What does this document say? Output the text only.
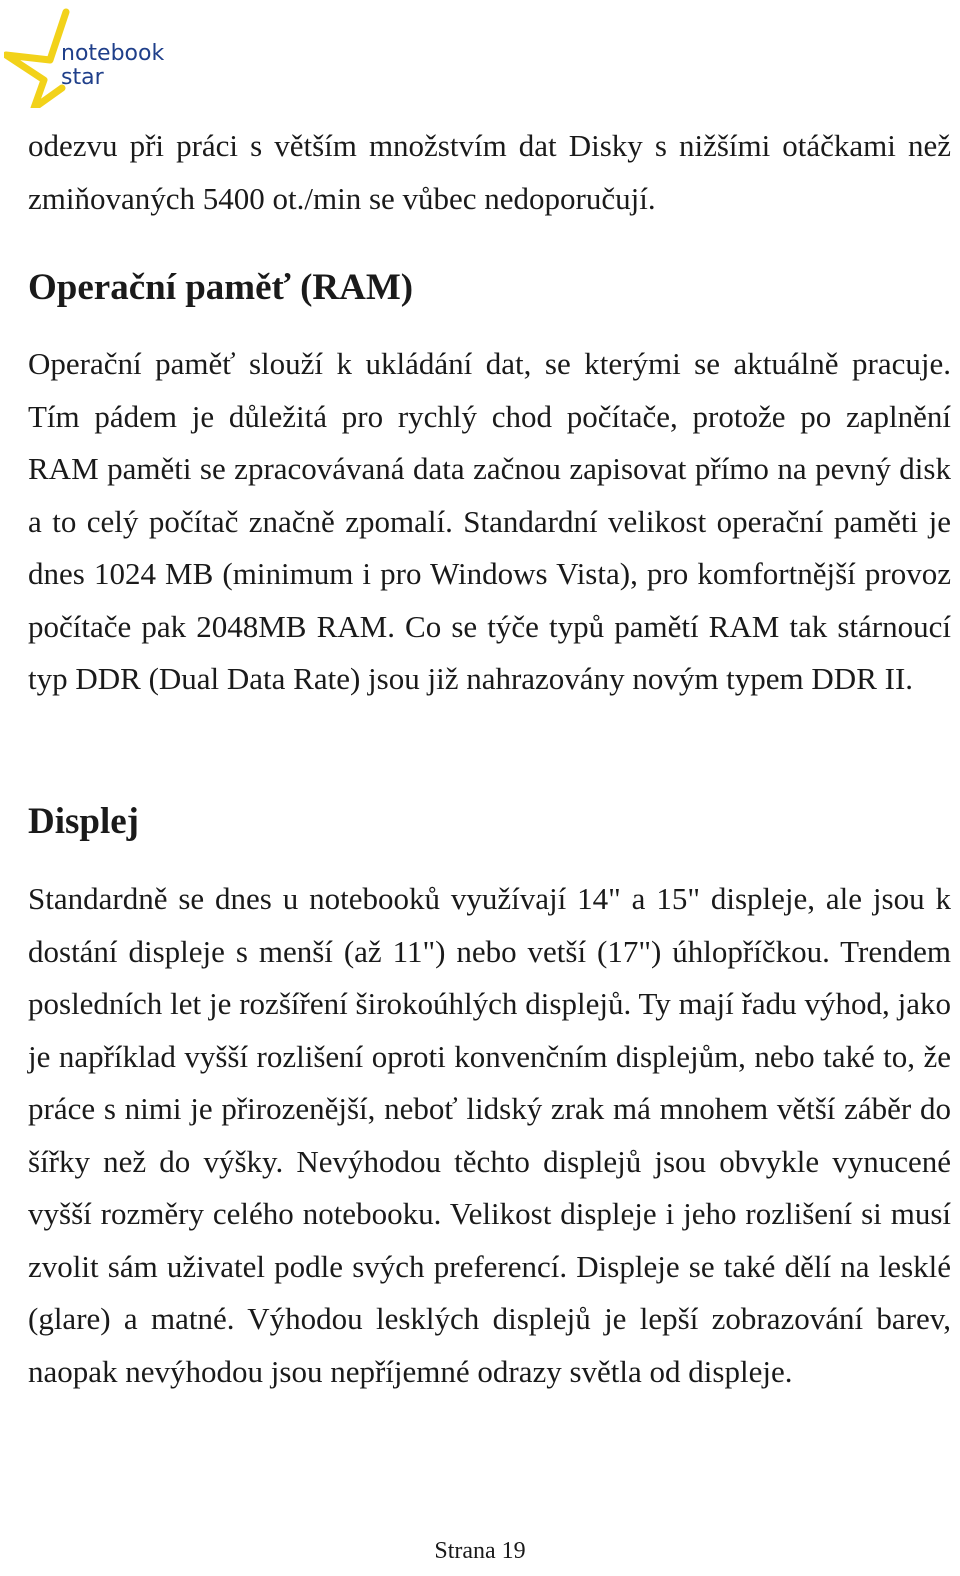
notebook
star

odezvu při práci s větším množstvím dat Disky s nižšími otáčkami než zmiňovaných 5400 ot./min se vůbec nedoporučují.

Operační paměť (RAM)

Operační paměť slouží k ukládání dat, se kterými se aktuálně pracuje. Tím pádem je důležitá pro rychlý chod počítače, protože po zaplnění RAM paměti se zpracovávaná data začnou zapisovat přímo na pevný disk a to celý počítač značně zpomalí. Standardní velikost operační paměti je dnes 1024 MB (minimum i pro Windows Vista), pro komfortnější provoz počítače pak 2048MB RAM. Co se týče typů pamětí RAM tak stárnoucí typ DDR (Dual Data Rate) jsou již nahrazovány novým typem DDR II.

Displej

Standardně se dnes u notebooků využívají 14" a 15" displeje, ale jsou k dostání displeje s menší (až 11") nebo vetší (17") úhlopříčkou. Trendem posledních let je rozšíření širokoúhlých displejů. Ty mají řadu výhod, jako je například vyšší rozlišení oproti konvenčním displejům, nebo také to, že práce s nimi je přirozenější, neboť lidský zrak má mnohem větší záběr do šířky než do výšky. Nevýhodou těchto displejů jsou obvykle vynucené vyšší rozměry celého notebooku. Velikost displeje i jeho rozlišení si musí zvolit sám uživatel podle svých preferencí. Displeje se také dělí na lesklé (glare) a matné. Výhodou lesklých displejů je lepší zobrazování barev, naopak nevýhodou jsou nepříjemné odrazy světla od displeje.

Strana 19
